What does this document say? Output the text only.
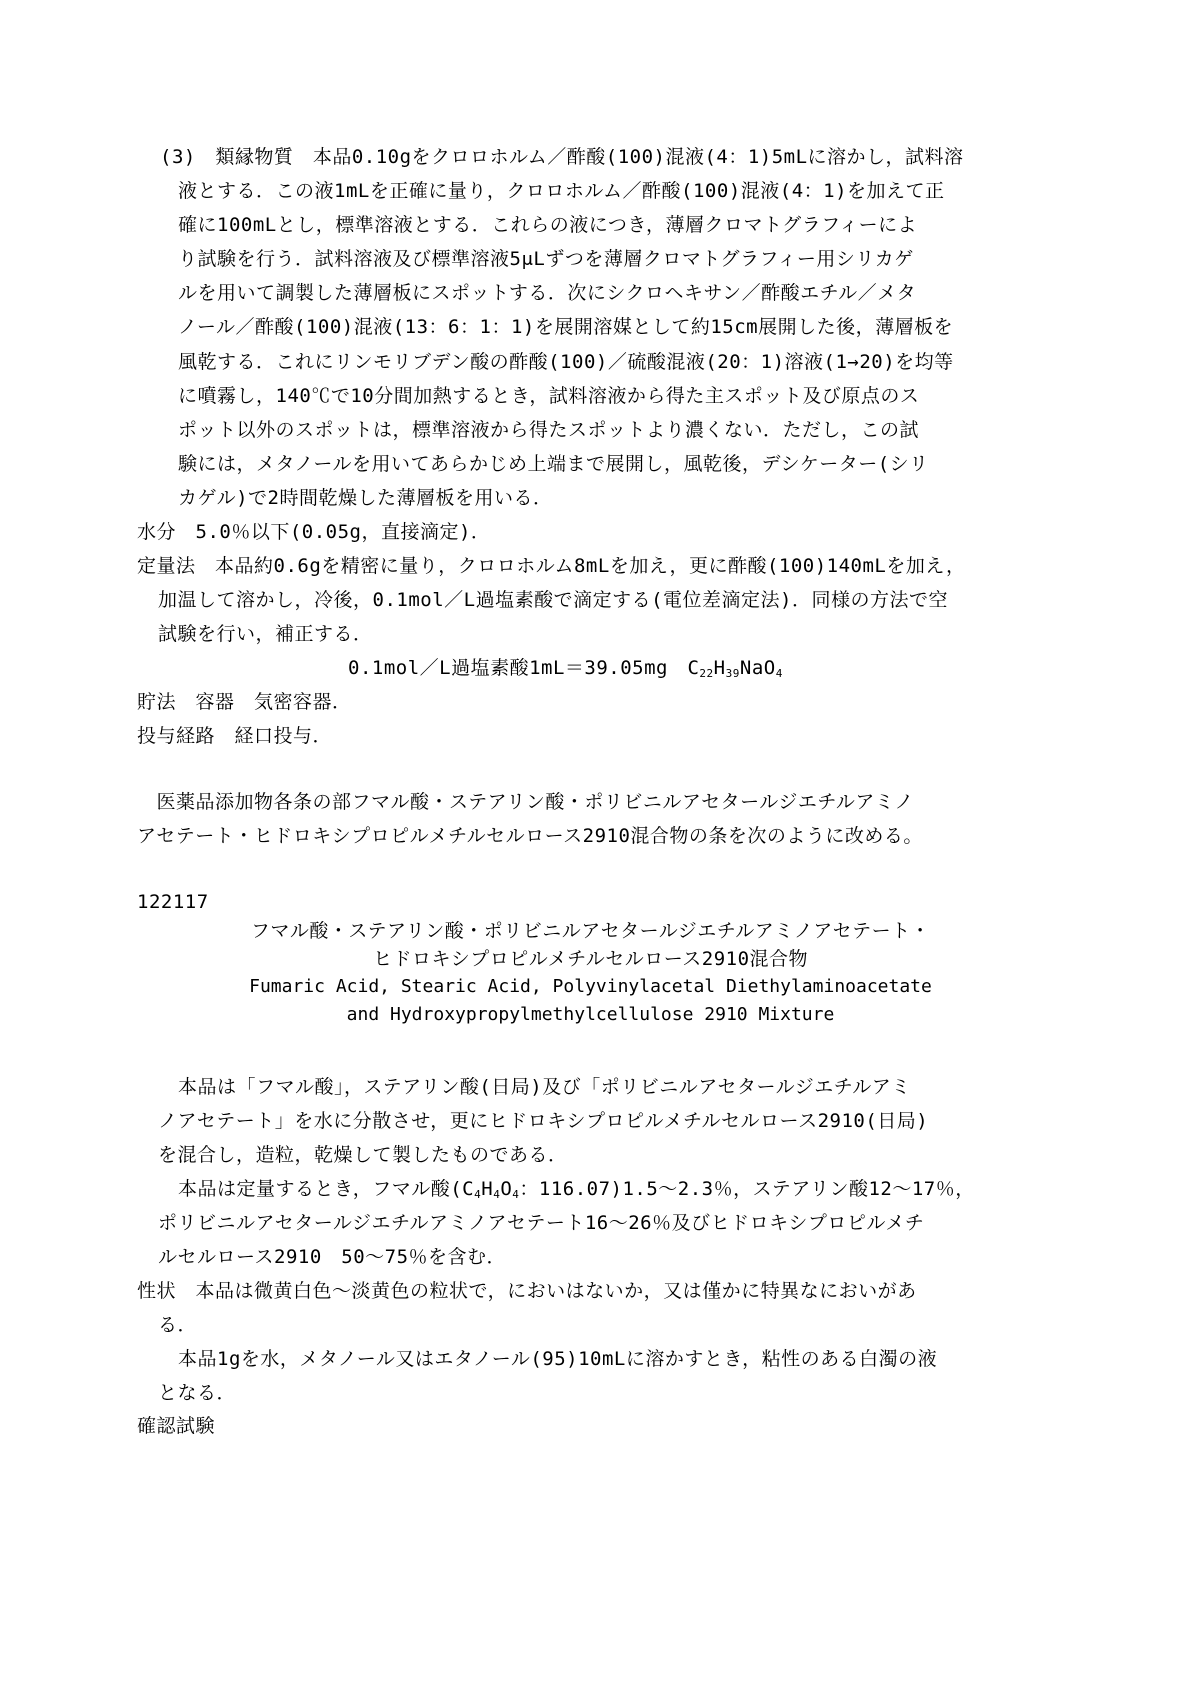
(3)　類縁物質　本品0.10gをクロロホルム／酢酸(100)混液(4：1)5mLに溶かし，試料溶
液とする．この液1mLを正確に量り，クロロホルム／酢酸(100)混液(4：1)を加えて正
確に100mLとし，標準溶液とする．これらの液につき，薄層クロマトグラフィーによ
り試験を行う．試料溶液及び標準溶液5μLずつを薄層クロマトグラフィー用シリカゲ
ルを用いて調製した薄層板にスポットする．次にシクロヘキサン／酢酸エチル／メタ
ノール／酢酸(100)混液(13：6：1：1)を展開溶媒として約15cm展開した後，薄層板を
風乾する．これにリンモリブデン酸の酢酸(100)／硫酸混液(20：1)溶液(1→20)を均等
に噴霧し，140℃で10分間加熱するとき，試料溶液から得た主スポット及び原点のス
ポット以外のスポットは，標準溶液から得たスポットより濃くない．ただし，この試
験には，メタノールを用いてあらかじめ上端まで展開し，風乾後，デシケーター(シリ
カゲル)で2時間乾燥した薄層板を用いる．
水分　5.0％以下(0.05g，直接滴定)．
定量法　本品約0.6gを精密に量り，クロロホルム8mLを加え，更に酢酸(100)140mLを加え，
加温して溶かし，冷後，0.1mol／L過塩素酸で滴定する(電位差滴定法)．同様の方法で空
試験を行い，補正する．
0.1mol／L過塩素酸1mL＝39.05mg　$C_{22}H_{39}NaO_4$
貯法　容器　気密容器．
投与経路　経口投与．
　医薬品添加物各条の部フマル酸・ステアリン酸・ポリビニルアセタールジエチルアミノ
アセテート・ヒドロキシプロピルメチルセルロース2910混合物の条を次のように改める。
122117
フマル酸・ステアリン酸・ポリビニルアセタールジエチルアミノアセテート・
ヒドロキシプロピルメチルセルロース2910混合物
Fumaric Acid, Stearic Acid, Polyvinylacetal Diethylaminoacetate
and Hydroxypropylmethylcellulose 2910 Mixture
本品は「フマル酸」，ステアリン酸(日局)及び「ポリビニルアセタールジエチルアミ
ノアセテート」を水に分散させ，更にヒドロキシプロピルメチルセルロース2910(日局)
を混合し，造粒，乾燥して製したものである．
本品は定量するとき，フマル酸($C_4H_4O_4$：116.07)1.5～2.3％，ステアリン酸12～17％，
ポリビニルアセタールジエチルアミノアセテート16～26％及びヒドロキシプロピルメチ
ルセルロース2910　50～75％を含む．
性状　本品は微黄白色～淡黄色の粒状で，においはないか，又は僅かに特異なにおいがあ
る．
本品1gを水，メタノール又はエタノール(95)10mLに溶かすとき，粘性のある白濁の液
となる．
確認試験
